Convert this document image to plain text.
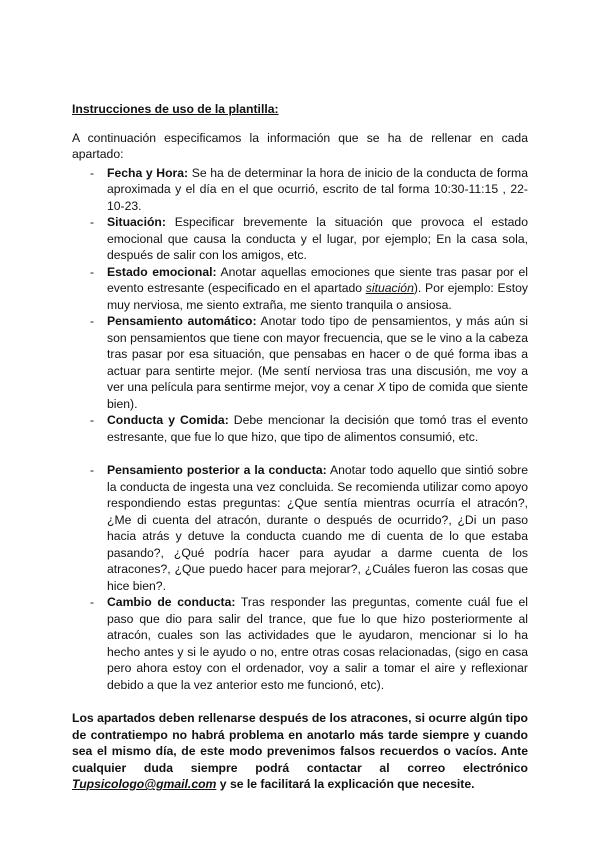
Instrucciones de uso de la plantilla:

A continuación especificamos la información que se ha de rellenar en cada apartado:

- Fecha y Hora: Se ha de determinar la hora de inicio de la conducta de forma aproximada y el día en el que ocurrió, escrito de tal forma 10:30-11:15 , 22-10-23.
- Situación: Especificar brevemente la situación que provoca el estado emocional que causa la conducta y el lugar, por ejemplo; En la casa sola, después de salir con los amigos, etc.
- Estado emocional: Anotar aquellas emociones que siente tras pasar por el evento estresante (especificado en el apartado situación). Por ejemplo: Estoy muy nerviosa, me siento extraña, me siento tranquila o ansiosa.
- Pensamiento automático: Anotar todo tipo de pensamientos, y más aún si son pensamientos que tiene con mayor frecuencia, que se le vino a la cabeza tras pasar por esa situación, que pensabas en hacer o de qué forma ibas a actuar para sentirte mejor. (Me sentí nerviosa tras una discusión, me voy a ver una película para sentirme mejor, voy a cenar X tipo de comida que siente bien).
- Conducta y Comida: Debe mencionar la decisión que tomó tras el evento estresante, que fue lo que hizo, que tipo de alimentos consumió, etc.
- Pensamiento posterior a la conducta: Anotar todo aquello que sintió sobre la conducta de ingesta una vez concluida. Se recomienda utilizar como apoyo respondiendo estas preguntas: ¿Que sentía mientras ocurría el atracón?, ¿Me di cuenta del atracón, durante o después de ocurrido?, ¿Di un paso hacia atrás y detuve la conducta cuando me di cuenta de lo que estaba pasando?, ¿Qué podría hacer para ayudar a darme cuenta de los atracones?, ¿Que puedo hacer para mejorar?, ¿Cuáles fueron las cosas que hice bien?.
- Cambio de conducta: Tras responder las preguntas, comente cuál fue el paso que dio para salir del trance, que fue lo que hizo posteriormente al atracón, cuales son las actividades que le ayudaron, mencionar si lo ha hecho antes y si le ayudo o no, entre otras cosas relacionadas, (sigo en casa pero ahora estoy con el ordenador, voy a salir a tomar el aire y reflexionar debido a que la vez anterior esto me funcionó, etc).

Los apartados deben rellenarse después de los atracones, si ocurre algún tipo de contratiempo no habrá problema en anotarlo más tarde siempre y cuando sea el mismo día, de este modo prevenimos falsos recuerdos o vacíos. Ante cualquier duda siempre podrá contactar al correo electrónico Tupsicologo@gmail.com y se le facilitará la explicación que necesite.
